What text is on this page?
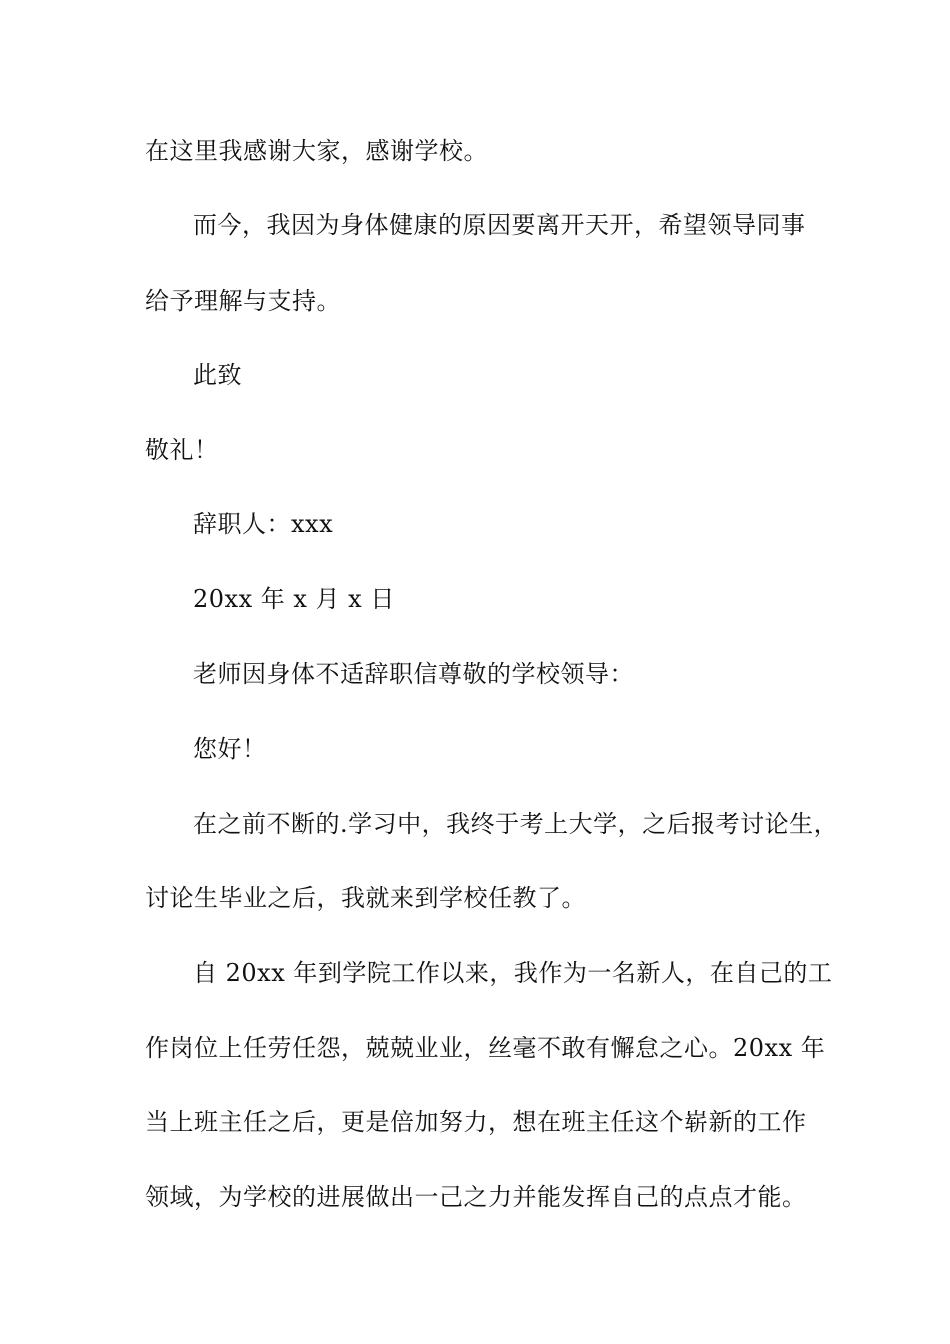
在这里我感谢大家，感谢学校。
而今，我因为身体健康的原因要离开天开，希望领导同事
给予理解与支持。
此致
敬礼！
辞职人：xxx
20xx 年 x 月 x 日
老师因身体不适辞职信尊敬的学校领导：
您好！
在之前不断的.学习中，我终于考上大学，之后报考讨论生，
讨论生毕业之后，我就来到学校任教了。
自 20xx 年到学院工作以来，我作为一名新人，在自己的工
作岗位上任劳任怨，兢兢业业，丝毫不敢有懈怠之心。20xx 年
当上班主任之后，更是倍加努力，想在班主任这个崭新的工作
领域，为学校的进展做出一己之力并能发挥自己的点点才能。
